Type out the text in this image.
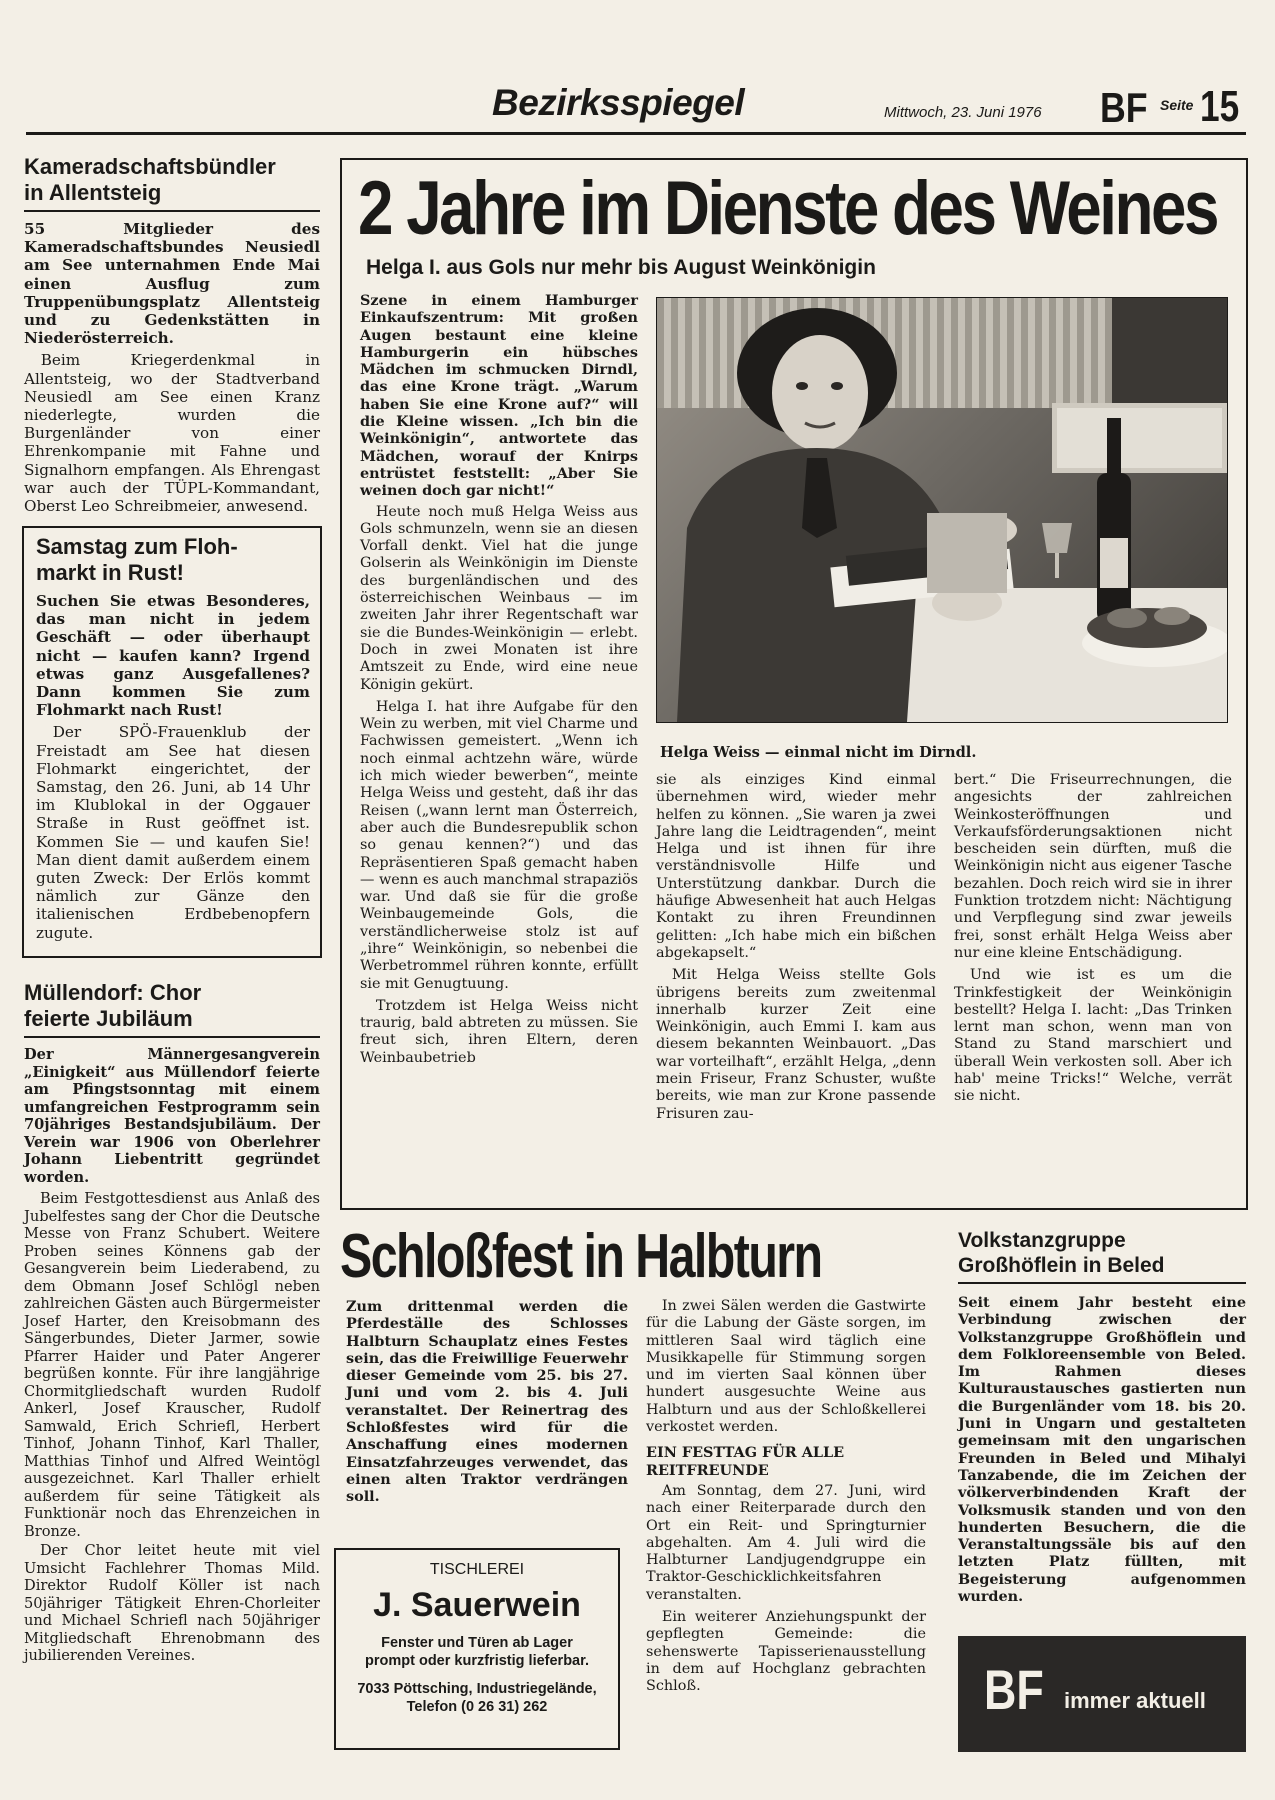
Bezirksspiegel	Mittwoch, 23. Juni 1976 BF Seite 15
Kameradschaftsbündler
in Allentsteig

55 Mitglieder des Kameradschaftsbundes Neusiedl am See unternahmen Ende Mai einen Ausflug zum Truppenübungsplatz Allentsteig und zu Gedenkstätten in Niederösterreich.

Beim Kriegerdenkmal in Allentsteig, wo der Stadtverband Neusiedl am See einen Kranz niederlegte, wurden die Burgenländer von einer Ehrenkompanie mit Fahne und Signalhorn empfangen. Als Ehrengast war auch der TÜPL-Kommandant, Oberst Leo Schreibmeier, anwesend.

Samstag zum Floh-
markt in Rust!

Suchen Sie etwas Besonderes, das man nicht in jedem Geschäft — oder überhaupt nicht — kaufen kann? Irgend etwas ganz Ausgefallenes? Dann kommen Sie zum Flohmarkt nach Rust!

Der SPÖ-Frauenklub der Freistadt am See hat diesen Flohmarkt eingerichtet, der Samstag, den 26. Juni, ab 14 Uhr im Klublokal in der Oggauer Straße in Rust geöffnet ist. Kommen Sie — und kaufen Sie! Man dient damit außerdem einem guten Zweck: Der Erlös kommt nämlich zur Gänze den italienischen Erdbebenopfern zugute.

Müllendorf: Chor
feierte Jubiläum

Der Männergesangverein „Einigkeit“ aus Müllendorf feierte am Pfingstsonntag mit einem umfangreichen Festprogramm sein 70jähriges Bestandsjubiläum. Der Verein war 1906 von Oberlehrer Johann Liebentritt gegründet worden.

Beim Festgottesdienst aus Anlaß des Jubelfestes sang der Chor die Deutsche Messe von Franz Schubert. Weitere Proben seines Könnens gab der Gesangverein beim Liederabend, zu dem Obmann Josef Schlögl neben zahlreichen Gästen auch Bürgermeister Josef Harter, den Kreisobmann des Sängerbundes, Dieter Jarmer, sowie Pfarrer Haider und Pater Angerer begrüßen konnte. Für ihre langjährige Chormitgliedschaft wurden Rudolf Ankerl, Josef Krauscher, Rudolf Samwald, Erich Schriefl, Herbert Tinhof, Johann Tinhof, Karl Thaller, Matthias Tinhof und Alfred Weintögl ausgezeichnet. Karl Thaller erhielt außerdem für seine Tätigkeit als Funktionär noch das Ehrenzeichen in Bronze.

Der Chor leitet heute mit viel Umsicht Fachlehrer Thomas Mild. Direktor Rudolf Köller ist nach 50jähriger Tätigkeit Ehren-Chorleiter und Michael Schriefl nach 50jähriger Mitgliedschaft Ehrenobmann des jubilierenden Vereines.

2 Jahre im Dienste des Weines
Helga I. aus Gols nur mehr bis August Weinkönigin

Szene in einem Hamburger Einkaufszentrum: Mit großen Augen bestaunt eine kleine Hamburgerin ein hübsches Mädchen im schmucken Dirndl, das eine Krone trägt. „Warum haben Sie eine Krone auf?“ will die Kleine wissen. „Ich bin die Weinkönigin“, antwortete das Mädchen, worauf der Knirps entrüstet feststellt: „Aber Sie weinen doch gar nicht!“

Heute noch muß Helga Weiss aus Gols schmunzeln, wenn sie an diesen Vorfall denkt. Viel hat die junge Golserin als Weinkönigin im Dienste des burgenländischen und des österreichischen Weinbaus — im zweiten Jahr ihrer Regentschaft war sie die Bundes-Weinkönigin — erlebt. Doch in zwei Monaten ist ihre Amtszeit zu Ende, wird eine neue Königin gekürt.

Helga I. hat ihre Aufgabe für den Wein zu werben, mit viel Charme und Fachwissen gemeistert. „Wenn ich noch einmal achtzehn wäre, würde ich mich wieder bewerben“, meinte Helga Weiss und gesteht, daß ihr das Reisen („wann lernt man Österreich, aber auch die Bundesrepublik schon so genau kennen?“) und das Repräsentieren Spaß gemacht haben — wenn es auch manchmal strapaziös war. Und daß sie für die große Weinbaugemeinde Gols, die verständlicherweise stolz ist auf „ihre“ Weinkönigin, so nebenbei die Werbetrommel rühren konnte, erfüllt sie mit Genugtuung.

Trotzdem ist Helga Weiss nicht traurig, bald abtreten zu müssen. Sie freut sich, ihren Eltern, deren Weinbaubetrieb

Helga Weiss — einmal nicht im Dirndl.

sie als einziges Kind einmal übernehmen wird, wieder mehr helfen zu können. „Sie waren ja zwei Jahre lang die Leidtragenden“, meint Helga und ist ihnen für ihre verständnisvolle Hilfe und Unterstützung dankbar. Durch die häufige Abwesenheit hat auch Helgas Kontakt zu ihren Freundinnen gelitten: „Ich habe mich ein bißchen abgekapselt.“

Mit Helga Weiss stellte Gols übrigens bereits zum zweitenmal innerhalb kurzer Zeit eine Weinkönigin, auch Emmi I. kam aus diesem bekannten Weinbauort. „Das war vorteilhaft“, erzählt Helga, „denn mein Friseur, Franz Schuster, wußte bereits, wie man zur Krone passende Frisuren zau-

bert.“ Die Friseurrechnungen, die angesichts der zahlreichen Weinkosteröffnungen und Verkaufsförderungsaktionen nicht bescheiden sein dürften, muß die Weinkönigin nicht aus eigener Tasche bezahlen. Doch reich wird sie in ihrer Funktion trotzdem nicht: Nächtigung und Verpflegung sind zwar jeweils frei, sonst erhält Helga Weiss aber nur eine kleine Entschädigung.

Und wie ist es um die Trinkfestigkeit der Weinkönigin bestellt? Helga I. lacht: „Das Trinken lernt man schon, wenn man von Stand zu Stand marschiert und überall Wein verkosten soll. Aber ich hab' meine Tricks!“ Welche, verrät sie nicht.

Schloßfest in Halbturn

Zum drittenmal werden die Pferdeställe des Schlosses Halbturn Schauplatz eines Festes sein, das die Freiwillige Feuerwehr dieser Gemeinde vom 25. bis 27. Juni und vom 2. bis 4. Juli veranstaltet. Der Reinertrag des Schloßfestes wird für die Anschaffung eines modernen Einsatzfahrzeuges verwendet, das einen alten Traktor verdrängen soll.

In zwei Sälen werden die Gastwirte für die Labung der Gäste sorgen, im mittleren Saal wird täglich eine Musikkapelle für Stimmung sorgen und im vierten Saal können über hundert ausgesuchte Weine aus Halbturn und aus der Schloßkellerei verkostet werden.

EIN FESTTAG FÜR ALLE REITFREUNDE

Am Sonntag, dem 27. Juni, wird nach einer Reiterparade durch den Ort ein Reit- und Springturnier abgehalten. Am 4. Juli wird die Halbturner Landjugendgruppe ein Traktor-Geschicklichkeitsfahren veranstalten.

Ein weiterer Anziehungspunkt der gepflegten Gemeinde: die sehenswerte Tapisserienausstellung in dem auf Hochglanz gebrachten Schloß.

TISCHLEREI
J. Sauerwein
Fenster und Türen ab Lager
prompt oder kurzfristig lieferbar.
7033 Pöttsching, Industriegelände,
Telefon (0 26 31) 262
Volkstanzgruppe
Großhöflein in Beled

Seit einem Jahr besteht eine Verbindung zwischen der Volkstanzgruppe Großhöflein und dem Folkloreensemble von Beled. Im Rahmen dieses Kulturaustausches gastierten nun die Burgenländer vom 18. bis 20. Juni in Ungarn und gestalteten gemeinsam mit den ungarischen Freunden in Beled und Mihalyi Tanzabende, die im Zeichen der völkerverbindenden Kraft der Volksmusik standen und von den hunderten Besuchern, die die Veranstaltungssäle bis auf den letzten Platz füllten, mit Begeisterung aufgenommen wurden.

BF immer aktuell
